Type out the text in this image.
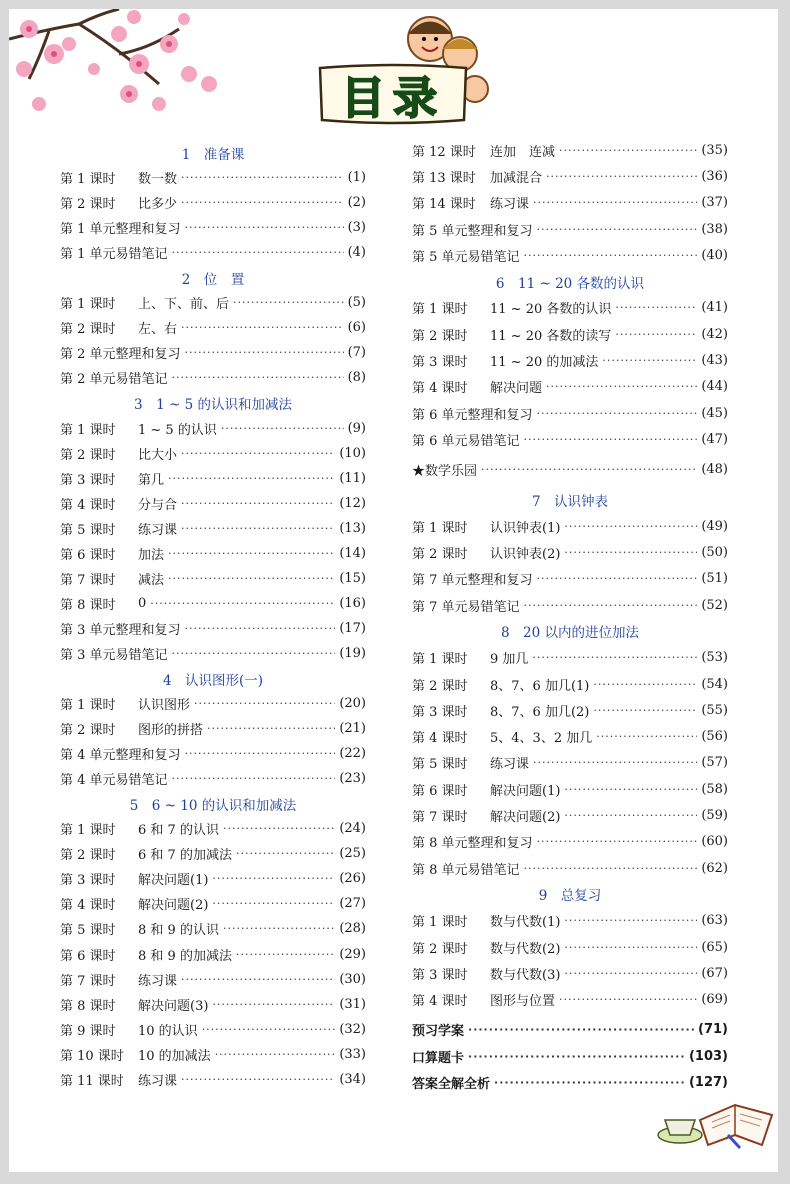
目录
1　准备课
第 1 课时	数一数 ·····	(1)
第 2 课时	比多少 ·····	(2)
第 1 单元整理和复习 ·····	(3)
第 1 单元易错笔记 ·····	(4)
2　位　置
第 1 课时	上、下、前、后 ·····	(5)
第 2 课时	左、右 ·····	(6)
第 2 单元整理和复习 ·····	(7)
第 2 单元易错笔记 ·····	(8)
3　1 ~ 5 的认识和加减法
第 1 课时	1 ~ 5 的认识 ·····	(9)
第 2 课时	比大小 ·····	(10)
第 3 课时	第几 ·····	(11)
第 4 课时	分与合 ·····	(12)
第 5 课时	练习课 ·····	(13)
第 6 课时	加法 ·····	(14)
第 7 课时	减法 ·····	(15)
第 8 课时	0 ·····	(16)
第 3 单元整理和复习 ·····	(17)
第 3 单元易错笔记 ·····	(19)
4　认识图形(一)
第 1 课时	认识图形 ·····	(20)
第 2 课时	图形的拼搭 ·····	(21)
第 4 单元整理和复习 ·····	(22)
第 4 单元易错笔记 ·····	(23)
5　6 ~ 10 的认识和加减法
第 1 课时	6 和 7 的认识 ·····	(24)
第 2 课时	6 和 7 的加减法 ·····	(25)
第 3 课时	解决问题(1) ·····	(26)
第 4 课时	解决问题(2) ·····	(27)
第 5 课时	8 和 9 的认识 ·····	(28)
第 6 课时	8 和 9 的加减法 ·····	(29)
第 7 课时	练习课 ·····	(30)
第 8 课时	解决问题(3) ·····	(31)
第 9 课时	10 的认识 ·····	(32)
第 10 课时	10 的加减法 ·····	(33)
第 11 课时	练习课 ·····	(34)
第 12 课时	连加　连减 ·····	(35)
第 13 课时	加减混合 ·····	(36)
第 14 课时	练习课 ·····	(37)
第 5 单元整理和复习 ·····	(38)
第 5 单元易错笔记 ·····	(40)
6　11 ~ 20 各数的认识
第 1 课时	11 ~ 20 各数的认识 ·····	(41)
第 2 课时	11 ~ 20 各数的读写 ·····	(42)
第 3 课时	11 ~ 20 的加减法 ·····	(43)
第 4 课时	解决问题 ·····	(44)
第 6 单元整理和复习 ·····	(45)
第 6 单元易错笔记 ·····	(47)
★数学乐园 ·····	(48)
7　认识钟表
第 1 课时	认识钟表(1) ·····	(49)
第 2 课时	认识钟表(2) ·····	(50)
第 7 单元整理和复习 ·····	(51)
第 7 单元易错笔记 ·····	(52)
8　20 以内的进位加法
第 1 课时	9 加几 ·····	(53)
第 2 课时	8、7、6 加几(1) ·····	(54)
第 3 课时	8、7、6 加几(2) ·····	(55)
第 4 课时	5、4、3、2 加几 ·····	(56)
第 5 课时	练习课 ·····	(57)
第 6 课时	解决问题(1) ·····	(58)
第 7 课时	解决问题(2) ·····	(59)
第 8 单元整理和复习 ·····	(60)
第 8 单元易错笔记 ·····	(62)
9　总复习
第 1 课时	数与代数(1) ·····	(63)
第 2 课时	数与代数(2) ·····	(65)
第 3 课时	数与代数(3) ·····	(67)
第 4 课时	图形与位置 ·····	(69)
预习学案 ·····	(71)
口算题卡 ·····	(103)
答案全解全析 ·····	(127)
